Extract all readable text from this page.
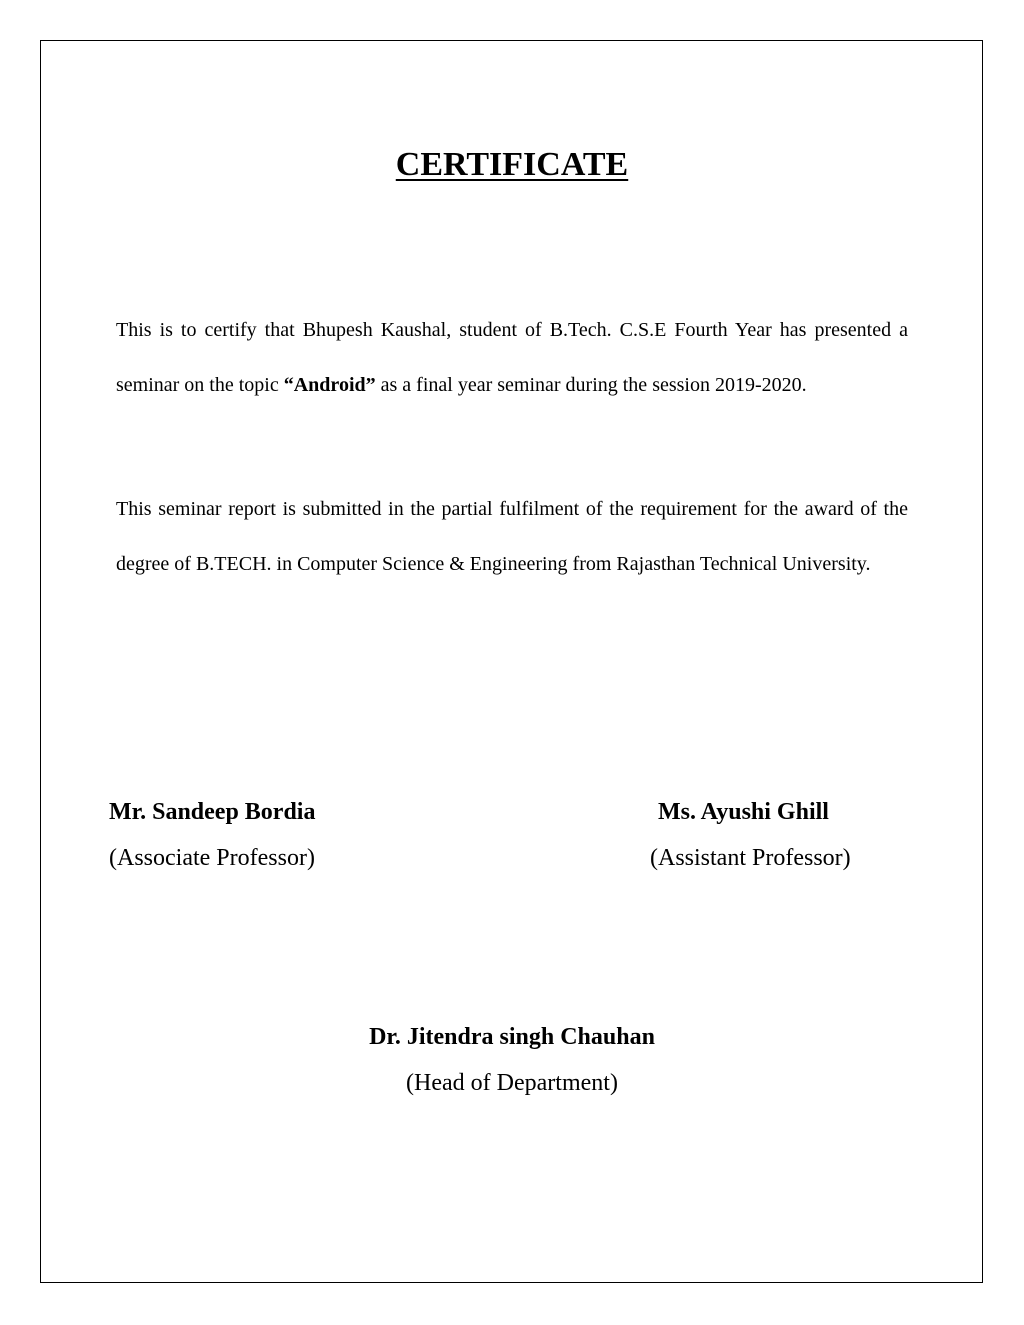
CERTIFICATE

This is to certify that Bhupesh Kaushal, student of B.Tech. C.S.E Fourth Year has presented a seminar on the topic “Android” as a final year seminar during the session 2019-2020.

This seminar report is submitted in the partial fulfilment of the requirement for the award of the degree of B.TECH. in Computer Science & Engineering from Rajasthan Technical University.

Mr. Sandeep Bordia
(Associate Professor)
Ms. Ayushi Ghill
(Assistant Professor)
Dr. Jitendra singh Chauhan
(Head of Department)
